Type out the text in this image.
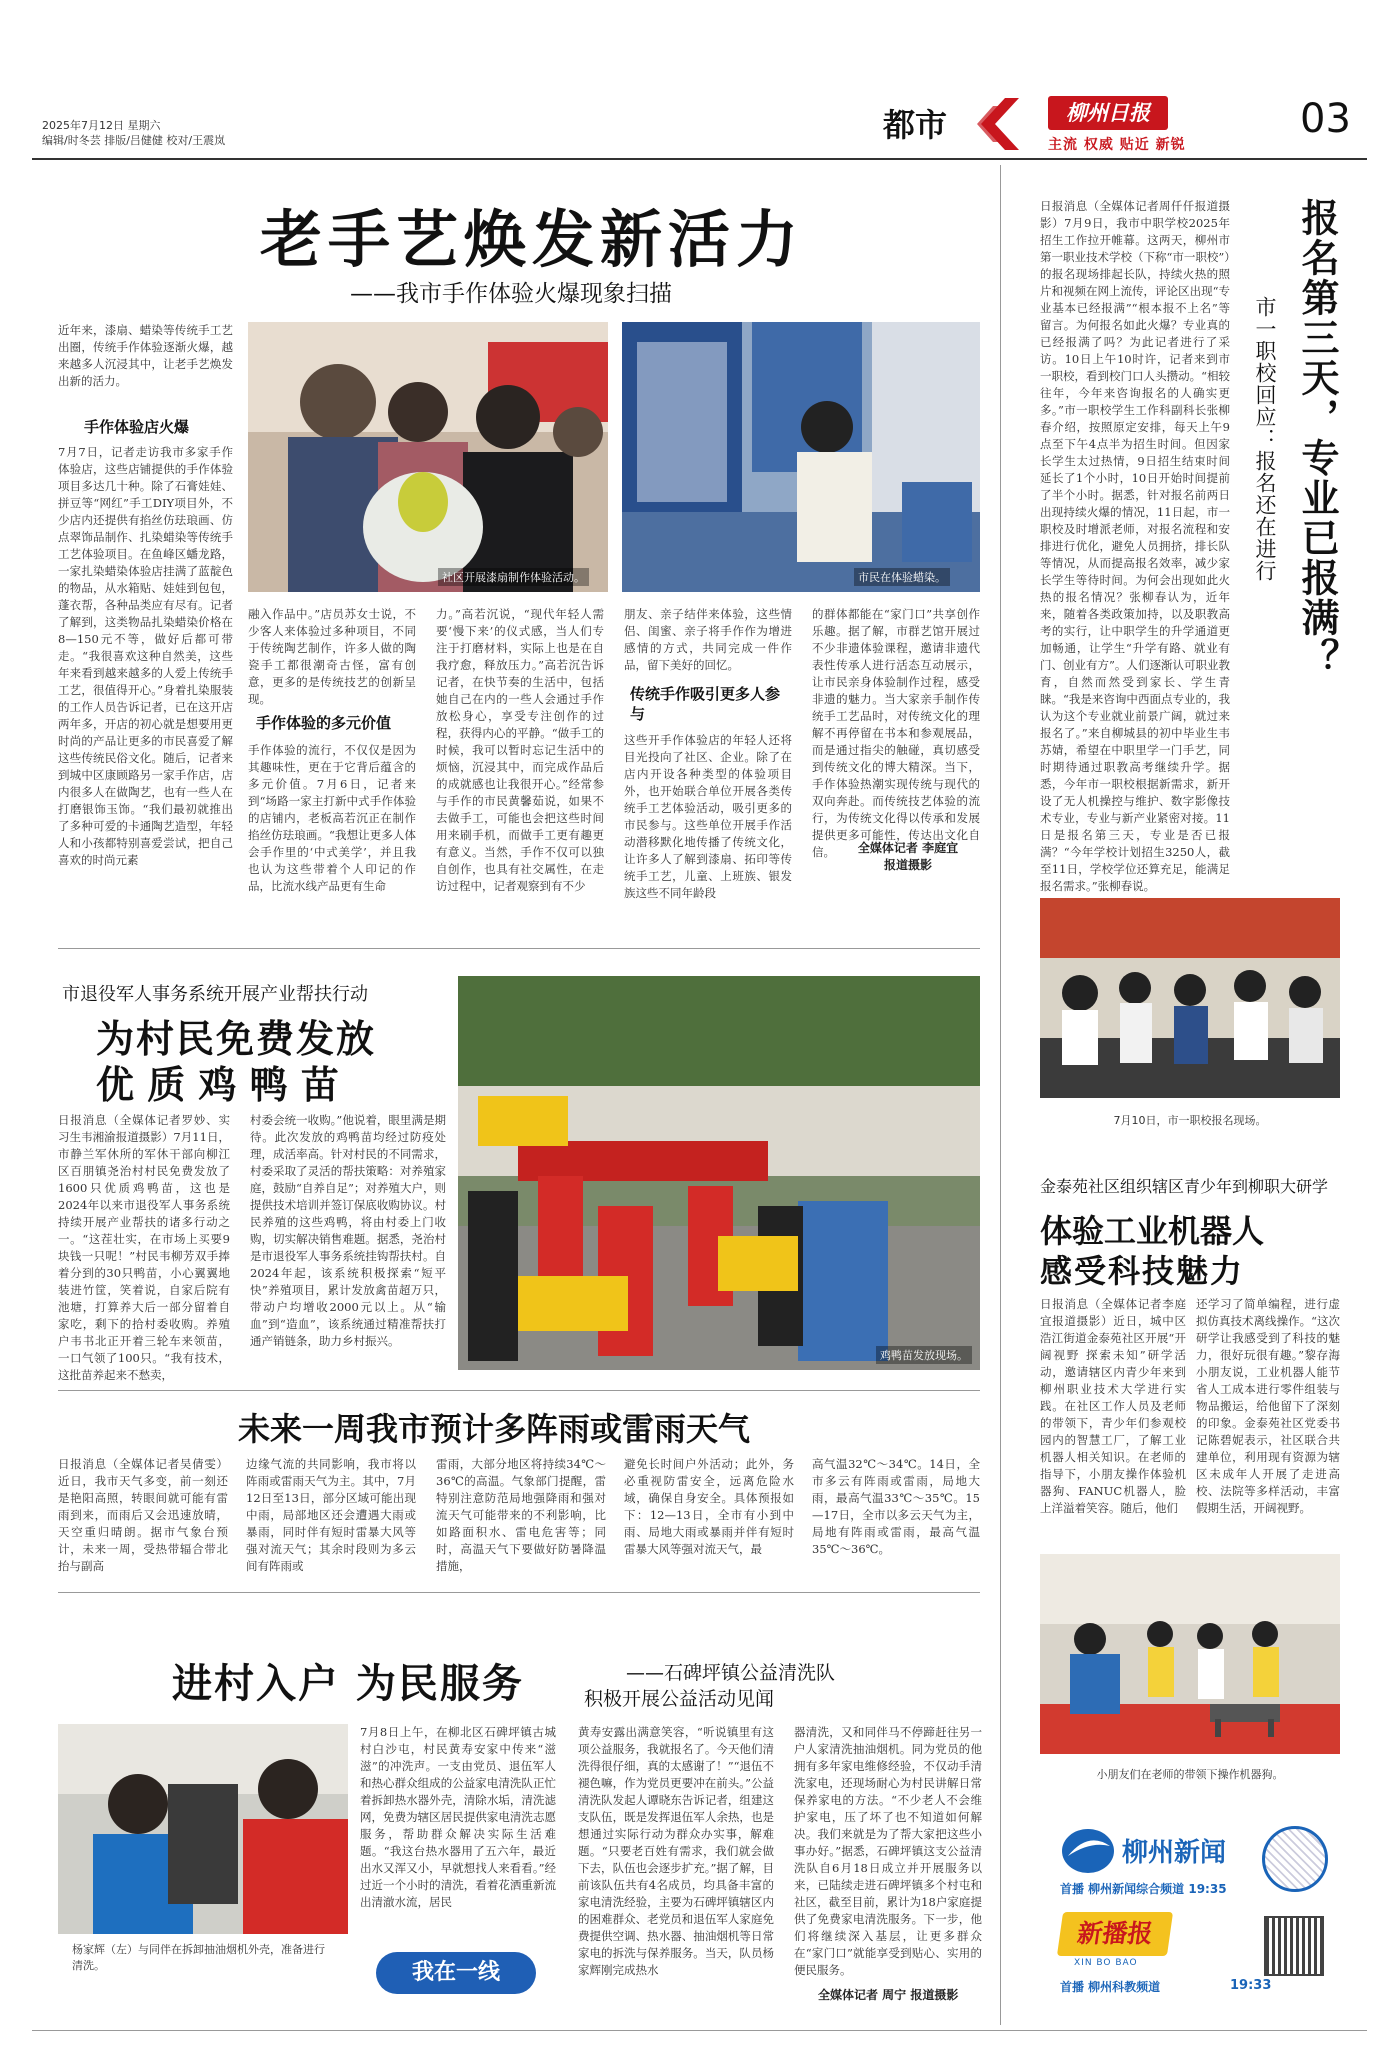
2025年7月12日 星期六
编辑/时冬芸 排版/吕健健 校对/王震岚	都市	柳州日报
主流 权威 贴近 新锐
03
老手艺焕发新活力
——我市手作体验火爆现象扫描
近年来，漆扇、蜡染等传统手工艺出圈，传统手作体验逐渐火爆，越来越多人沉浸其中，让老手艺焕发出新的活力。
手作体验店火爆
7月7日，记者走访我市多家手作体验店，这些店铺提供的手作体验项目多达几十种。除了石膏娃娃、拼豆等“网红”手工DIY项目外，不少店内还提供有掐丝仿珐琅画、仿点翠饰品制作、扎染蜡染等传统手工艺体验项目。在鱼峰区蟠龙路，一家扎染蜡染体验店挂满了蓝靛色的物品，从水箱贴、娃娃到包包，蓬衣帮，各种品类应有尽有。记者了解到，这类物品扎染蜡染价格在8—150元不等，做好后都可带走。“我很喜欢这种自然美，这些年来看到越来越多的人爱上传统手工艺，很值得开心。”身着扎染服装的工作人员告诉记者，已在这开店两年多，开店的初心就是想要用更时尚的产品让更多的市民喜爱了解这些传统民俗文化。随后，记者来到城中区康顾路另一家手作店，店内很多人在做陶艺，也有一些人在打磨银饰玉饰。“我们最初就推出了多种可爱的卡通陶艺造型，年轻人和小孩都特别喜爱尝试，把自己喜欢的时尚元素
社区开展漆扇制作体验活动。	市民在体验蜡染。
融入作品中。”店员苏女士说，不少客人来体验过多种项目，不同于传统陶艺制作，许多人做的陶瓷手工都很潮奇古怪，富有创意，更多的是传统技艺的创新呈现。
手作体验的多元价值
手作体验的流行，不仅仅是因为其趣味性，更在于它背后蕴含的多元价值。7月6日，记者来到“场路一家主打新中式手作体验的店铺内，老板高若沉正在制作掐丝仿珐琅画。“我想让更多人体会手作里的‘中式美学’，并且我也认为这些带着个人印记的作品，比流水线产品更有生命
力。”高若沉说，“现代年轻人需要‘慢下来’的仪式感，当人们专注于打磨材料，实际上也是在自我疗愈，释放压力。”高若沉告诉记者，在快节奏的生活中，包括她自己在内的一些人会通过手作放松身心，享受专注创作的过程，获得内心的平静。“做手工的时候，我可以暂时忘记生活中的烦恼，沉浸其中，而完成作品后的成就感也让我很开心。”经常参与手作的市民黄馨茹说，如果不去做手工，可能也会把这些时间用来刷手机，而做手工更有趣更有意义。当然，手作不仅可以独自创作，也具有社交属性，在走访过程中，记者观察到有不少
朋友、亲子结伴来体验，这些情侣、闺蜜、亲子将手作作为增进感情的方式，共同完成一件作品，留下美好的回忆。
传统手作吸引更多人参与
这些开手作体验店的年轻人还将目光投向了社区、企业。除了在店内开设各种类型的体验项目外，也开始联合单位开展各类传统手工艺体验活动，吸引更多的市民参与。这些单位开展手作活动潜移默化地传播了传统文化，让许多人了解到漆扇、拓印等传统手工艺，儿童、上班族、银发族这些不同年龄段
的群体都能在“家门口”共享创作乐趣。据了解，市群艺馆开展过不少非遗体验课程，邀请非遗代表性传承人进行活态互动展示，让市民亲身体验制作过程，感受非遗的魅力。当大家亲手制作传统手工艺品时，对传统文化的理解不再停留在书本和参观展品，而是通过指尖的触碰，真切感受到传统文化的博大精深。当下，手作体验热潮实现传统与现代的双向奔赴。而传统技艺体验的流行，为传统文化得以传承和发展提供更多可能性，传达出文化自信。	全媒体记者 李庭宜
报道摄影
市退役军人事务系统开展产业帮扶行动
为村民免费发放
优 质 鸡 鸭 苗
日报消息（全媒体记者罗妙、实习生韦湘渝报道摄影）7月11日，市静兰军休所的军休干部向柳江区百朋镇尧治村村民免费发放了1600只优质鸡鸭苗，这也是2024年以来市退役军人事务系统持续开展产业帮扶的诸多行动之一。“这茬壮实，在市场上买要9块钱一只呢！”村民韦柳芳双手捧着分到的30只鸭苗，小心翼翼地装进竹筐，笑着说，自家后院有池塘，打算养大后一部分留着自家吃，剩下的拾村委收购。养殖户韦书北正开着三轮车来领苗，一口气领了100只。“我有技术，这批苗养起来不愁卖，
村委会统一收购。”他说着，眼里满是期待。此次发放的鸡鸭苗均经过防疫处理，成活率高。针对村民的不同需求，村委采取了灵活的帮扶策略：对养殖家庭，鼓励“自养自足”；对养殖大户，则提供技术培训并签订保底收购协议。村民养殖的这些鸡鸭，将由村委上门收购，切实解决销售难题。据悉，尧治村是市退役军人事务系统挂钩帮扶村。自2024年起，该系统积极探索“短平快”养殖项目，累计发放禽苗超万只，带动户均增收2000元以上。从“输血”到“造血”，该系统通过精准帮扶打通产销链条，助力乡村振兴。
鸡鸭苗发放现场。
未来一周我市预计多阵雨或雷雨天气
日报消息（全媒体记者吴倩雯）近日，我市天气多变，前一刻还是艳阳高照，转眼间就可能有雷雨到来，而雨后又会迅速放晴，天空重归晴朗。据市气象台预计，未来一周，受热带辐合带北抬与副高
边缘气流的共同影响，我市将以阵雨或雷雨天气为主。其中，7月12日至13日，部分区域可能出现中雨，局部地区还会遭遇大雨或暴雨，同时伴有短时雷暴大风等强对流天气；其余时段则为多云间有阵雨或
雷雨，大部分地区将持续34℃～36℃的高温。气象部门提醒，雷特别注意防范局地强降雨和强对流天气可能带来的不利影响，比如路面积水、雷电危害等；同时，高温天气下要做好防暑降温措施，
避免长时间户外活动；此外，务必重视防雷安全，远离危险水域，确保自身安全。具体预报如下：12—13日，全市有小到中雨、局地大雨或暴雨并伴有短时雷暴大风等强对流天气，最
高气温32℃～34℃。14日，全市多云有阵雨或雷雨，局地大雨，最高气温33℃～35℃。15—17日，全市以多云天气为主，局地有阵雨或雷雨，最高气温35℃～36℃。
进村入户 为民服务	——石碑坪镇公益清洗队
积极开展公益活动见闻
杨家辉（左）与同伴在拆卸抽油烟机外壳，准备进行清洗。
7月8日上午，在柳北区石碑坪镇古城村白沙屯，村民黄寿安家中传来“滋滋”的冲洗声。一支由党员、退伍军人和热心群众组成的公益家电清洗队正忙着拆卸热水器外壳，清除水垢，清洗滤网，免费为辖区居民提供家电清洗志愿服务，帮助群众解决实际生活难题。“我这台热水器用了五六年，最近出水又浑又小，早就想找人来看看。”经过近一个小时的清洗，看着花洒重新流出清澈水流，居民
我在一线
黄寿安露出满意笑容，“听说镇里有这项公益服务，我就报名了。今天他们清洗得很仔细，真的太感谢了！”“退伍不褪色嘛，作为党员更要冲在前头。”公益清洗队发起人谭晓东告诉记者，组建这支队伍，既是发挥退伍军人余热，也是想通过实际行动为群众办实事，解难题。“只要老百姓有需求，我们就会做下去，队伍也会逐步扩充。”据了解，目前该队伍共有4名成员，均具备丰富的家电清洗经验，主要为石碑坪镇辖区内的困难群众、老党员和退伍军人家庭免费提供空调、热水器、抽油烟机等日常家电的拆洗与保养服务。当天，队员杨家辉刚完成热水
器清洗，又和同伴马不停蹄赶往另一户人家清洗抽油烟机。同为党员的他拥有多年家电维修经验，不仅动手清洗家电，还现场耐心为村民讲解日常保养家电的方法。“不少老人不会维护家电，压了坏了也不知道如何解决。我们来就是为了帮大家把这些小事办好。”据悉，石碑坪镇这支公益清洗队自6月18日成立并开展服务以来，已陆续走进石碑坪镇多个村屯和社区，截至目前，累计为18户家庭提供了免费家电清洗服务。下一步，他们将继续深入基层，让更多群众在“家门口”就能享受到贴心、实用的便民服务。
全媒体记者 周宁 报道摄影
日报消息（全媒体记者周仟仟报道摄影）7月9日，我市中职学校2025年招生工作拉开帷幕。这两天，柳州市第一职业技术学校（下称“市一职校”）的报名现场排起长队，持续火热的照片和视频在网上流传，评论区出现“专业基本已经报满”“根本报不上名”等留言。为何报名如此火爆？专业真的已经报满了吗？为此记者进行了采访。10日上午10时许，记者来到市一职校，看到校门口人头攒动。“相较往年，今年来咨询报名的人确实更多。”市一职校学生工作科副科长张柳春介绍，按照原定安排，每天上午9点至下午4点半为招生时间。但因家长学生太过热情，9日招生结束时间延长了1个小时，10日开始时间提前了半个小时。据悉，针对报名前两日出现持续火爆的情况，11日起，市一职校及时增派老师，对报名流程和安排进行优化，避免人员拥挤，排长队等情况，从而提高报名效率，减少家长学生等待时间。为何会出现如此火热的报名情况？张柳春认为，近年来，随着各类政策加持，以及职教高考的实行，让中职学生的升学通道更加畅通，让学生“升学有路、就业有门、创业有方”。人们逐渐认可职业教育，自然而然受到家长、学生青睐。“我是来咨询中西面点专业的，我认为这个专业就业前景广阔，就过来报名了。”来自柳城县的初中毕业生韦苏婧，希望在中职里学一门手艺，同时期待通过职教高考继续升学。据悉，今年市一职校根据新需求，新开设了无人机操控与维护、数字影像技术专业，专业与新产业紧密对接。11日是报名第三天，专业是否已报满？“今年学校计划招生3250人，截至11日，学校学位还算充足，能满足报名需求。”张柳春说。
报名第三天，专业已报满？
市一职校回应：报名还在进行
7月10日，市一职校报名现场。
金泰苑社区组织辖区青少年到柳职大研学
体验工业机器人
感受科技魅力
日报消息（全媒体记者李庭宜报道摄影）近日，城中区浩江街道金泰苑社区开展“开阔视野 探索未知”研学活动，邀请辖区内青少年来到柳州职业技术大学进行实践。在社区工作人员及老师的带领下，青少年们参观校园内的智慧工厂，了解工业机器人相关知识。在老师的指导下，小朋友操作体验机器狗、FANUC机器人，脸上洋溢着笑容。随后，他们
还学习了简单编程，进行虚拟仿真技术离线操作。“这次研学让我感受到了科技的魅力，很好玩很有趣。”黎存海小朋友说，工业机器人能节省人工成本进行零件组装与物品搬运，给他留下了深刻的印象。金泰苑社区党委书记陈碧妮表示，社区联合共建单位，利用现有资源为辖区未成年人开展了走进高校、法院等多样活动，丰富假期生活，开阔视野。
小朋友们在老师的带领下操作机器狗。
柳州新闻
首播 柳州新闻综合频道 19:35
新播报
XIN BO BAO
首播 柳州科教频道	19:33
